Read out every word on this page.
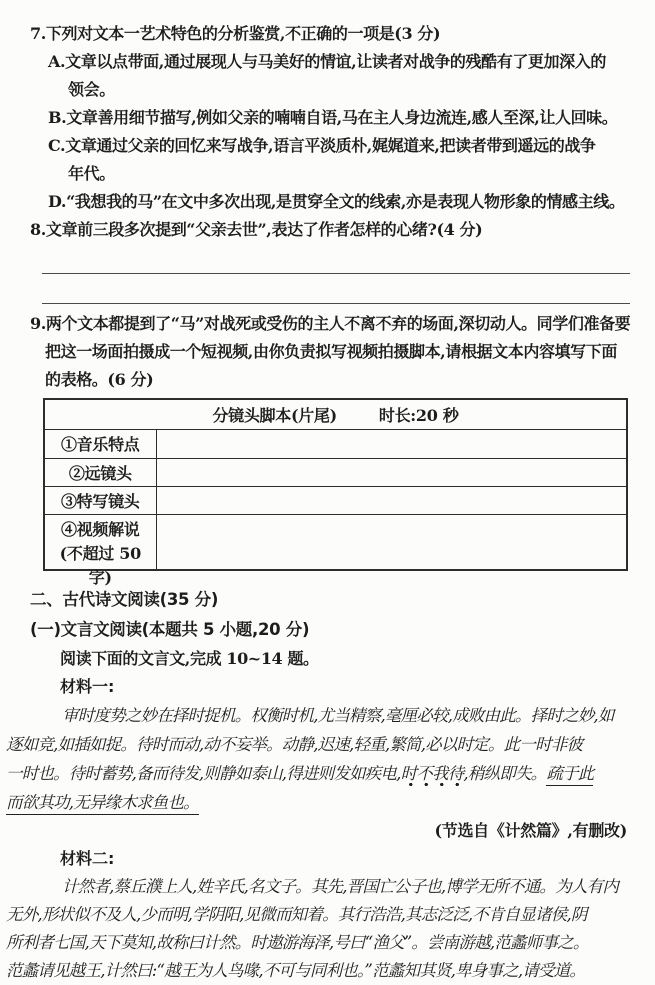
7.下列对文本一艺术特色的分析鉴赏,不正确的一项是(3 分)
A.文章以点带面,通过展现人与马美好的情谊,让读者对战争的残酷有了更加深入的
领会。
B.文章善用细节描写,例如父亲的喃喃自语,马在主人身边流连,感人至深,让人回味。
C.文章通过父亲的回忆来写战争,语言平淡质朴,娓娓道来,把读者带到遥远的战争
年代。
D.“我想我的马”在文中多次出现,是贯穿全文的线索,亦是表现人物形象的情感主线。
8.文章前三段多次提到“父亲去世”,表达了作者怎样的心绪?(4 分)
9.两个文本都提到了“马”对战死或受伤的主人不离不弃的场面,深切动人。同学们准备要
把这一场面拍摄成一个短视频,由你负责拟写视频拍摄脚本,请根据文本内容填写下面
的表格。(6 分)
分镜头脚本(片尾) 时长:20 秒	
①音乐特点	
②远镜头	
③特写镜头	

④视频解说
(不超过 50 字)	

二、古代诗文阅读(35 分)
(一)文言文阅读(本题共 5 小题,20 分)
阅读下面的文言文,完成 10~14 题。
材料一:
审时度势之妙在择时捉机。权衡时机,尤当精察,毫厘必较,成败由此。择时之妙,如
逐如竞,如插如捉。待时而动,动不妄举。动静,迟速,轻重,繁简,必以时定。此一时非彼
一时也。待时蓄势,备而待发,则静如泰山,得进则发如疾电,时不我待,稍纵即失。疏于此
而欲其功,无异缘木求鱼也。
(节选自《计然篇》,有删改)
材料二:
计然者,蔡丘濮上人,姓辛氏,名文子。其先,晋国亡公子也,博学无所不通。为人有内
无外,形状似不及人,少而明,学阴阳,见微而知着。其行浩浩,其志泛泛,不肯自显诸侯,阴
所利者七国,天下莫知,故称曰计然。时遨游海泽,号曰“渔父”。尝南游越,范蠡师事之。
范蠡请见越王,计然曰:“越王为人鸟喙,不可与同利也。”范蠡知其贤,卑身事之,请受道。
